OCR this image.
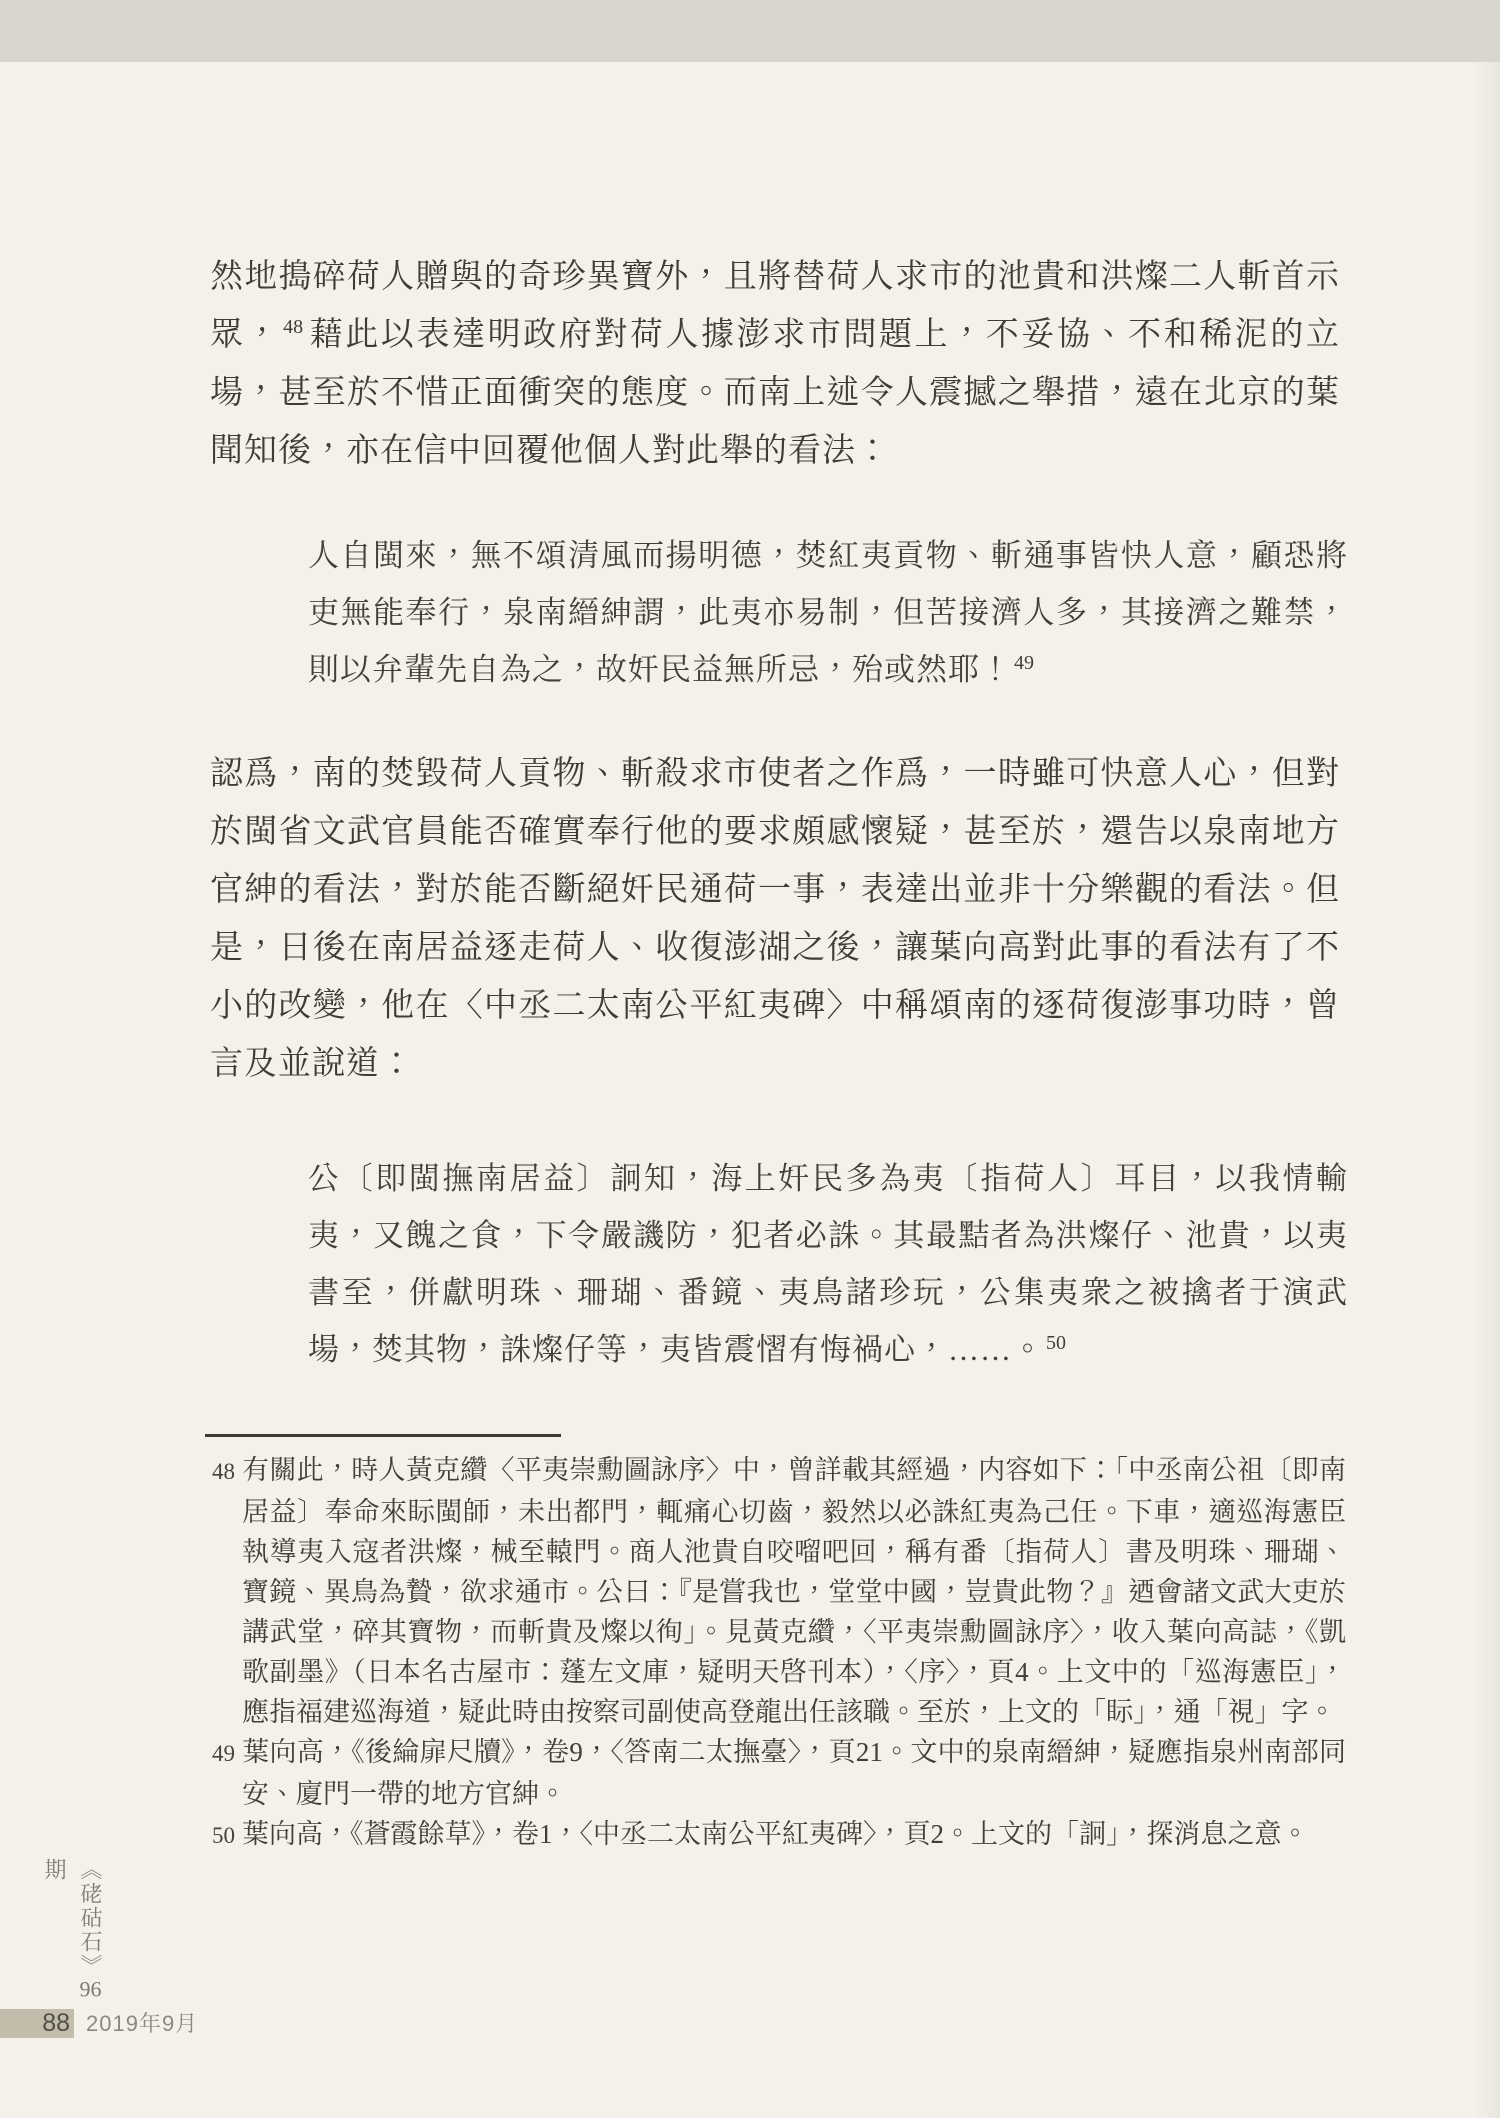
然地搗碎荷人贈與的奇珍異寶外，且將替荷人求市的池貴和洪燦二人斬首示眾， $^{48}$ 藉此以表達明政府對荷人據澎求市問題上，不妥協、不和稀泥的立場，甚至於不惜正面衝突的態度。而南上述令人震撼之舉措，遠在北京的葉聞知後，亦在信中回覆他個人對此舉的看法：
人自閩來，無不頌清風而揚明德，焚紅夷貢物、斬通事皆快人意，顧恐將吏無能奉行，泉南縉紳謂，此夷亦易制，但苦接濟人多，其接濟之難禁，則以弁輩先自為之，故奸民益無所忌，殆或然耶！ $^{49}$
認爲，南的焚毀荷人貢物、斬殺求市使者之作爲，一時雖可快意人心，但對於閩省文武官員能否確實奉行他的要求頗感懷疑，甚至於，還告以泉南地方官紳的看法，對於能否斷絕奸民通荷一事，表達出並非十分樂觀的看法。但是，日後在南居益逐走荷人、收復澎湖之後，讓葉向高對此事的看法有了不小的改變，他在〈中丞二太南公平紅夷碑〉中稱頌南的逐荷復澎事功時，曾言及並說道：
公〔即閩撫南居益〕詗知，海上奸民多為夷〔指荷人〕耳目，以我情輸夷，又餽之食，下令嚴譏防，犯者必誅。其最黠者為洪燦仔、池貴，以夷書至，併獻明珠、珊瑚、番鏡、夷鳥諸珍玩，公集夷衆之被擒者于演武場，焚其物，誅燦仔等，夷皆震慴有悔禍心，……。 $^{50}$
48 有關此，時人黃克纘〈平夷崇勳圖詠序〉中，曾詳載其經過，内容如下：「中丞南公祖〔即南居益〕奉命來眎閩師，未出都門，輒痛心切齒，毅然以必誅紅夷為己任。下車，適巡海憲臣執導夷入寇者洪燦，械至轅門。商人池貴自咬𠺕吧回，稱有番〔指荷人〕書及明珠、珊瑚、寶鏡、異鳥為贄，欲求通市。公曰：『是嘗我也，堂堂中國，豈貴此物？』迺會諸文武大吏於講武堂，碎其寶物，而斬貴及燦以徇」。見黃克纘，〈平夷崇勳圖詠序〉，收入葉向高誌，《凱歌副墨》（日本名古屋市：蓬左文庫，疑明天啓刊本），〈序〉，頁4。上文中的「巡海憲臣」，應指福建巡海道，疑此時由按察司副使高登龍出任該職。至於，上文的「眎」，通「視」字。
49 葉向高，《後綸扉尺牘》，卷9，〈答南二太撫臺〉，頁21。文中的泉南縉紳，疑應指泉州南部同安、廈門一帶的地方官紳。
50 葉向高，《蒼霞餘草》，卷1，〈中丞二太南公平紅夷碑〉，頁2。上文的「詗」，探消息之意。
《硓𥑮石》96期
88 2019年9月
